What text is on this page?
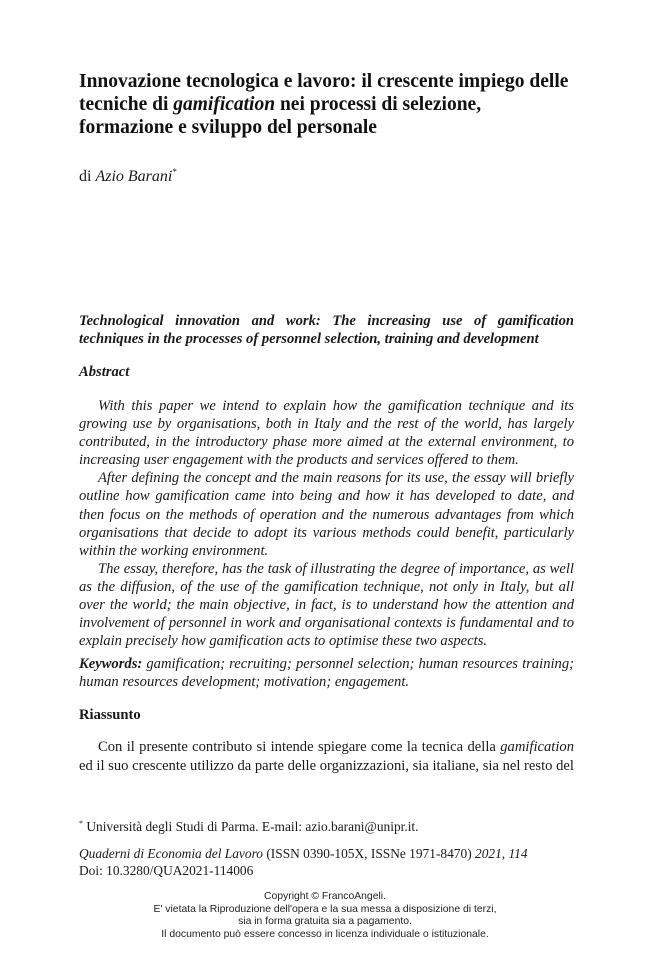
Innovazione tecnologica e lavoro: il crescente impiego delle tecniche di gamification nei processi di selezione, formazione e sviluppo del personale
di Azio Barani*
Technological innovation and work: The increasing use of gamification techniques in the processes of personnel selection, training and development
Abstract

With this paper we intend to explain how the gamification technique and its growing use by organisations, both in Italy and the rest of the world, has largely contributed, in the introductory phase more aimed at the external environment, to increasing user engagement with the products and services offered to them.

After defining the concept and the main reasons for its use, the essay will briefly outline how gamification came into being and how it has developed to date, and then focus on the methods of operation and the numerous advantages from which organisations that decide to adopt its various methods could benefit, particularly within the working environment.

The essay, therefore, has the task of illustrating the degree of importance, as well as the diffusion, of the use of the gamification technique, not only in Italy, but all over the world; the main objective, in fact, is to understand how the attention and involvement of personnel in work and organisational contexts is fundamental and to explain precisely how gamification acts to optimise these two aspects.

Keywords: gamification; recruiting; personnel selection; human resources training; human resources development; motivation; engagement.
Riassunto

Con il presente contributo si intende spiegare come la tecnica della gamification ed il suo crescente utilizzo da parte delle organizzazioni, sia italiane, sia nel resto del

* Università degli Studi di Parma. E-mail: azio.barani@unipr.it.
Quaderni di Economia del Lavoro (ISSN 0390-105X, ISSNe 1971-8470) 2021, 114
Doi: 10.3280/QUA2021-114006
Copyright © FrancoAngeli.
E' vietata la Riproduzione dell'opera e la sua messa a disposizione di terzi,
sia in forma gratuita sia a pagamento.
Il documento può essere concesso in licenza individuale o istituzionale.
